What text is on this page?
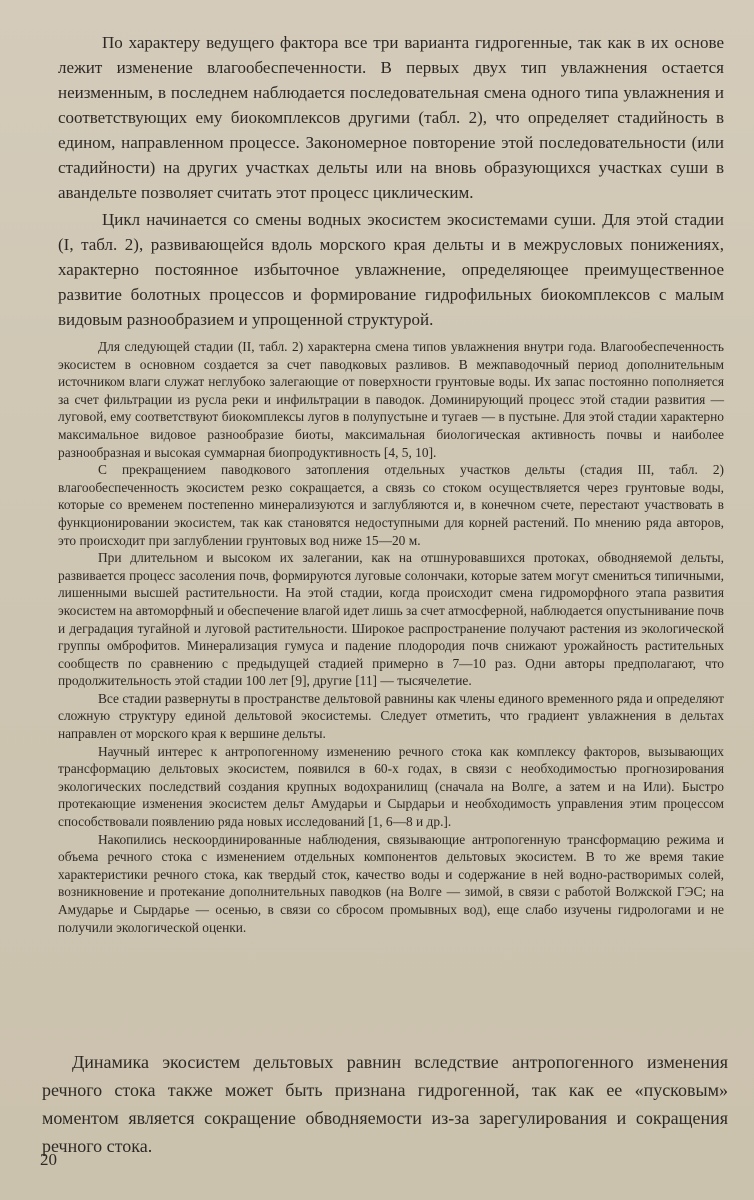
По характеру ведущего фактора все три варианта гидрогенные, так как в их основе лежит изменение влагообеспеченности. В первых двух тип увлажнения остается неизменным, в последнем наблюдается последовательная смена одного типа увлажнения и соответствующих ему биокомплексов другими (табл. 2), что определяет стадийность в едином, направленном процессе. Закономерное повторение этой последовательности (или стадийности) на других участках дельты или на вновь образующихся участках суши в авандельте позволяет считать этот процесс циклическим.

Цикл начинается со смены водных экосистем экосистемами суши. Для этой стадии (I, табл. 2), развивающейся вдоль морского края дельты и в межрусловых понижениях, характерно постоянное избыточное увлажнение, определяющее преимущественное развитие болотных процессов и формирование гидрофильных биокомплексов с малым видовым разнообразием и упрощенной структурой.

Для следующей стадии (II, табл. 2) характерна смена типов увлажнения внутри года. Влагообеспеченность экосистем в основном создается за счет паводковых разливов. В межпаводочный период дополнительным источником влаги служат неглубоко залегающие от поверхности грунтовые воды. Их запас постоянно пополняется за счет фильтрации из русла реки и инфильтрации в паводок. Доминирующий процесс этой стадии развития — луговой, ему соответствуют биокомплексы лугов в полупустыне и тугаев — в пустыне. Для этой стадии характерно максимальное видовое разнообразие биоты, максимальная биологическая активность почвы и наиболее разнообразная и высокая суммарная биопродуктивность [4, 5, 10].

С прекращением паводкового затопления отдельных участков дельты (стадия III, табл. 2) влагообеспеченность экосистем резко сокращается, а связь со стоком осуществляется через грунтовые воды, которые со временем постепенно минерализуются и заглубляются и, в конечном счете, перестают участвовать в функционировании экосистем, так как становятся недоступными для корней растений. По мнению ряда авторов, это происходит при заглублении грунтовых вод ниже 15—20 м.

При длительном и высоком их залегании, как на отшнуровавшихся протоках, обводняемой дельты, развивается процесс засоления почв, формируются луговые солончаки, которые затем могут смениться типичными, лишенными высшей растительности. На этой стадии, когда происходит смена гидроморфного этапа развития экосистем на автоморфный и обеспечение влагой идет лишь за счет атмосферной, наблюдается опустынивание почв и деградация тугайной и луговой растительности. Широкое распространение получают растения из экологической группы омброфитов. Минерализация гумуса и падение плодородия почв снижают урожайность растительных сообществ по сравнению с предыдущей стадией примерно в 7—10 раз. Одни авторы предполагают, что продолжительность этой стадии 100 лет [9], другие [11] — тысячелетие.

Все стадии развернуты в пространстве дельтовой равнины как члены единого временного ряда и определяют сложную структуру единой дельтовой экосистемы. Следует отметить, что градиент увлажнения в дельтах направлен от морского края к вершине дельты.

Научный интерес к антропогенному изменению речного стока как комплексу факторов, вызывающих трансформацию дельтовых экосистем, появился в 60-х годах, в связи с необходимостью прогнозирования экологических последствий создания крупных водохранилищ (сначала на Волге, а затем и на Или). Быстро протекающие изменения экосистем дельт Амударьи и Сырдарьи и необходимость управления этим процессом способствовали появлению ряда новых исследований [1, 6—8 и др.].

Накопились нескоординированные наблюдения, связывающие антропогенную трансформацию режима и объема речного стока с изменением отдельных компонентов дельтовых экосистем. В то же время такие характеристики речного стока, как твердый сток, качество воды и содержание в ней водно-растворимых солей, возникновение и протекание дополнительных паводков (на Волге — зимой, в связи с работой Волжской ГЭС; на Амударье и Сырдарье — осенью, в связи со сбросом промывных вод), еще слабо изучены гидрологами и не получили экологической оценки.

Динамика экосистем дельтовых равнин вследствие антропогенного изменения речного стока также может быть признана гидрогенной, так как ее «пусковым» моментом является сокращение обводняемости из-за зарегулирования и сокращения речного стока.

20
